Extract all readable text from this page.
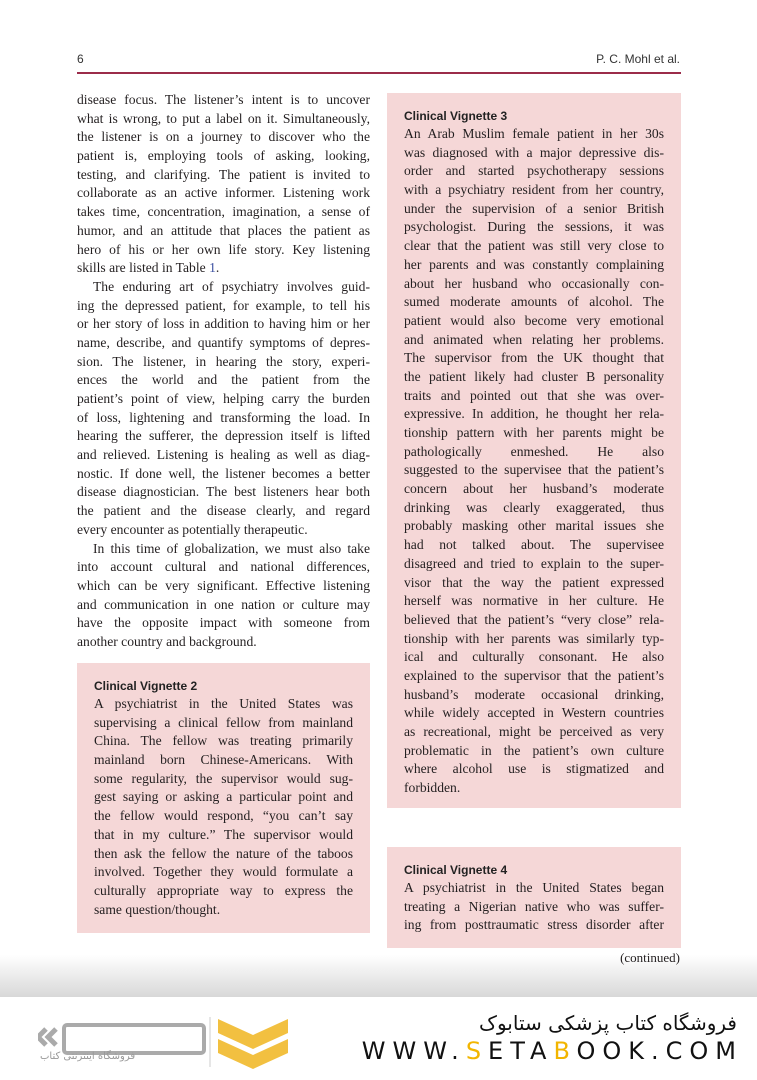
6	P. C. Mohl et al.
disease focus. The listener’s intent is to uncover
what is wrong, to put a label on it. Simultaneously,
the listener is on a journey to discover who the
patient is, employing tools of asking, looking,
testing, and clarifying. The patient is invited to
collaborate as an active informer. Listening work
takes time, concentration, imagination, a sense of
humor, and an attitude that places the patient as
hero of his or her own life story. Key listening
skills are listed in Table 1.
The enduring art of psychiatry involves guid-
ing the depressed patient, for example, to tell his
or her story of loss in addition to having him or her
name, describe, and quantify symptoms of depres-
sion. The listener, in hearing the story, experi-
ences the world and the patient from the
patient’s point of view, helping carry the burden
of loss, lightening and transforming the load. In
hearing the sufferer, the depression itself is lifted
and relieved. Listening is healing as well as diag-
nostic. If done well, the listener becomes a better
disease diagnostician. The best listeners hear both
the patient and the disease clearly, and regard
every encounter as potentially therapeutic.
In this time of globalization, we must also take
into account cultural and national differences,
which can be very significant. Effective listening
and communication in one nation or culture may
have the opposite impact with someone from
another country and background.
Clinical Vignette 2
A psychiatrist in the United States was
supervising a clinical fellow from mainland
China. The fellow was treating primarily
mainland born Chinese-Americans. With
some regularity, the supervisor would sug-
gest saying or asking a particular point and
the fellow would respond, “you can’t say
that in my culture.” The supervisor would
then ask the fellow the nature of the taboos
involved. Together they would formulate a
culturally appropriate way to express the
same question/thought.
Clinical Vignette 3
An Arab Muslim female patient in her 30s
was diagnosed with a major depressive dis-
order and started psychotherapy sessions
with a psychiatry resident from her country,
under the supervision of a senior British
psychologist. During the sessions, it was
clear that the patient was still very close to
her parents and was constantly complaining
about her husband who occasionally con-
sumed moderate amounts of alcohol. The
patient would also become very emotional
and animated when relating her problems.
The supervisor from the UK thought that
the patient likely had cluster B personality
traits and pointed out that she was over-
expressive. In addition, he thought her rela-
tionship pattern with her parents might be
pathologically enmeshed. He also
suggested to the supervisee that the patient’s
concern about her husband’s moderate
drinking was clearly exaggerated, thus
probably masking other marital issues she
had not talked about. The supervisee
disagreed and tried to explain to the super-
visor that the way the patient expressed
herself was normative in her culture. He
believed that the patient’s “very close” rela-
tionship with her parents was similarly typ-
ical and culturally consonant. He also
explained to the supervisor that the patient’s
husband’s moderate occasional drinking,
while widely accepted in Western countries
as recreational, might be perceived as very
problematic in the patient’s own culture
where alcohol use is stigmatized and
forbidden.
Clinical Vignette 4
A psychiatrist in the United States began
treating a Nigerian native who was suffer-
ing from posttraumatic stress disorder after
(continued)
فروشگاه اینترنتی کتاب
فروشگاه کتاب پزشکی ستابوک
WWW.SETABOOK.COM
